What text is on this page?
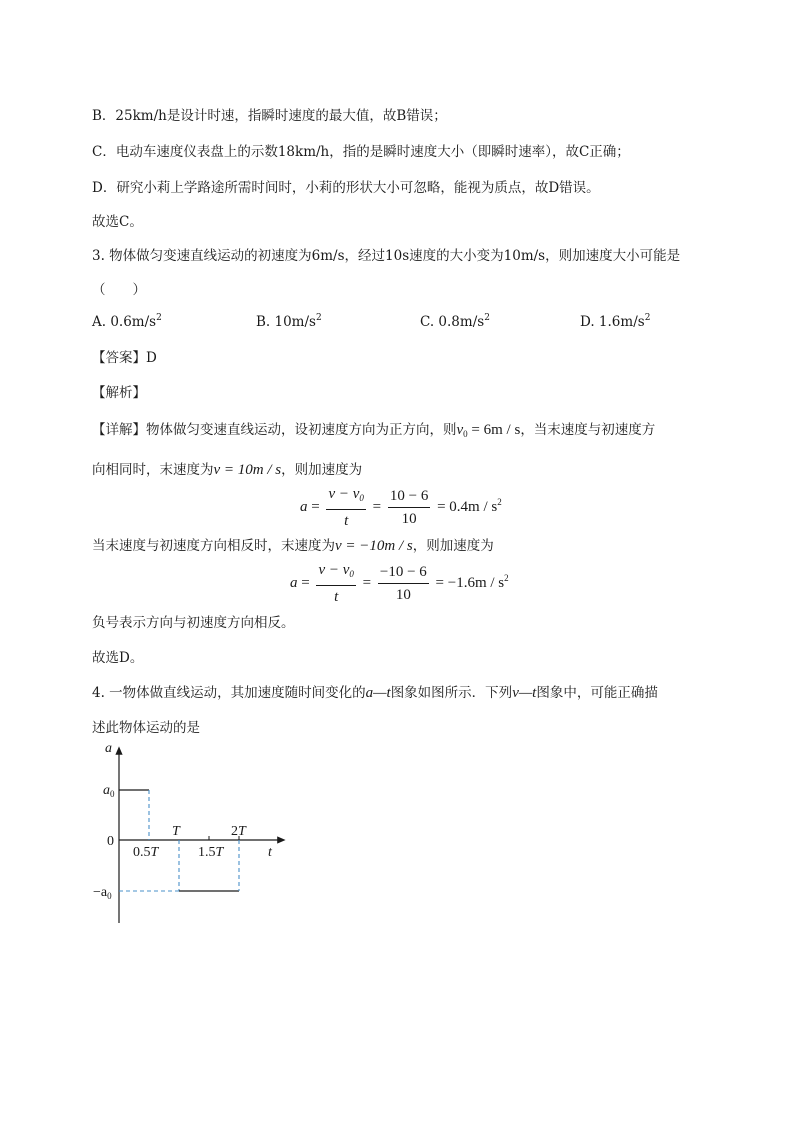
B．25km/h是设计时速，指瞬时速度的最大值，故B错误；
C．电动车速度仪表盘上的示数18km/h，指的是瞬时速度大小（即瞬时速率），故C正确；
D．研究小莉上学路途所需时间时，小莉的形状大小可忽略，能视为质点，故D错误。
故选C。
3. 物体做匀变速直线运动的初速度为6m/s，经过10s速度的大小变为10m/s，则加速度大小可能是
（　　）
A. $0.6m/s^2$	B. $10m/s^2$	C. $0.8m/s^2$	D. $1.6m/s^2$
【答案】D
【解析】
【详解】物体做匀变速直线运动，设初速度方向为正方向，则$v_0 = 6m / s$，当末速度与初速度方
向相同时，末速度为v = 10m / s，则加速度为
$a = \frac{v - v_0}{t} = \frac{10 - 6}{10} = 0.4m / s^2$
当末速度与初速度方向相反时，末速度为v = −10m / s，则加速度为
$a = \frac{v - v_0}{t} = \frac{-10 - 6}{10} = -1.6m / s^2$
负号表示方向与初速度方向相反。
故选D。
4. 一物体做直线运动，其加速度随时间变化的a—t图象如图所示．下列v—t图象中，可能正确描
述此物体运动的是
a
t
$a_0$
0
$-a_0$
0.5T
T
1.5T
2T
